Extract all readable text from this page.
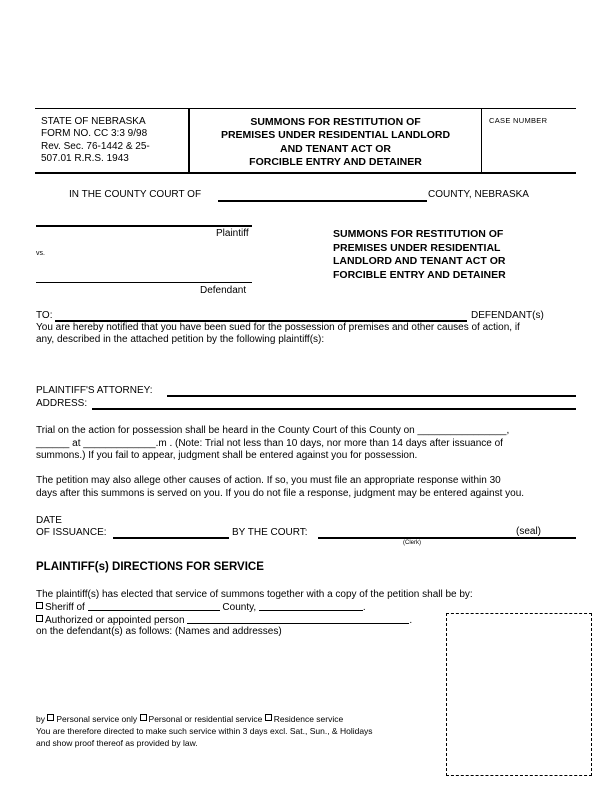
STATE OF NEBRASKA
FORM NO. CC 3:3 9/98
Rev. Sec. 76-1442 & 25-
507.01 R.R.S. 1943
SUMMONS FOR RESTITUTION OF
PREMISES UNDER RESIDENTIAL LANDLORD
AND TENANT ACT OR
FORCIBLE ENTRY AND DETAINER
CASE NUMBER
IN THE COUNTY COURT OF	COUNTY, NEBRASKA
Plaintiff
vs.
Defendant
SUMMONS FOR RESTITUTION OF
PREMISES UNDER RESIDENTIAL
LANDLORD AND TENANT ACT OR
FORCIBLE ENTRY AND DETAINER
TO:	DEFENDANT(s)
You are hereby notified that you have been sued for the possession of premises and other causes of action, if
any, described in the attached petition by the following plaintiff(s):
PLAINTIFF'S ATTORNEY:
ADDRESS:
Trial on the action for possession shall be heard in the County Court of this County on ________________,
______ at _____________.m . (Note: Trial not less than 10 days, nor more than 14 days after issuance of
summons.) If you fail to appear, judgment shall be entered against you for possession.
The petition may also allege other causes of action. If so, you must file an appropriate response within 30
days after this summons is served on you. If you do not file a response, judgment may be entered against you.
DATE
OF ISSUANCE:	BY THE COURT:	(seal)
(Clerk)
PLAINTIFF(s) DIRECTIONS FOR SERVICE
The plaintiff(s) has elected that service of summons together with a copy of the petition shall be by:
Sheriff of	County,	.
Authorized or appointed person	.
on the defendant(s) as follows: (Names and addresses)
by Personal service only Personal or residential service Residence service
You are therefore directed to make such service within 3 days excl. Sat., Sun., & Holidays
and show proof thereof as provided by law.
